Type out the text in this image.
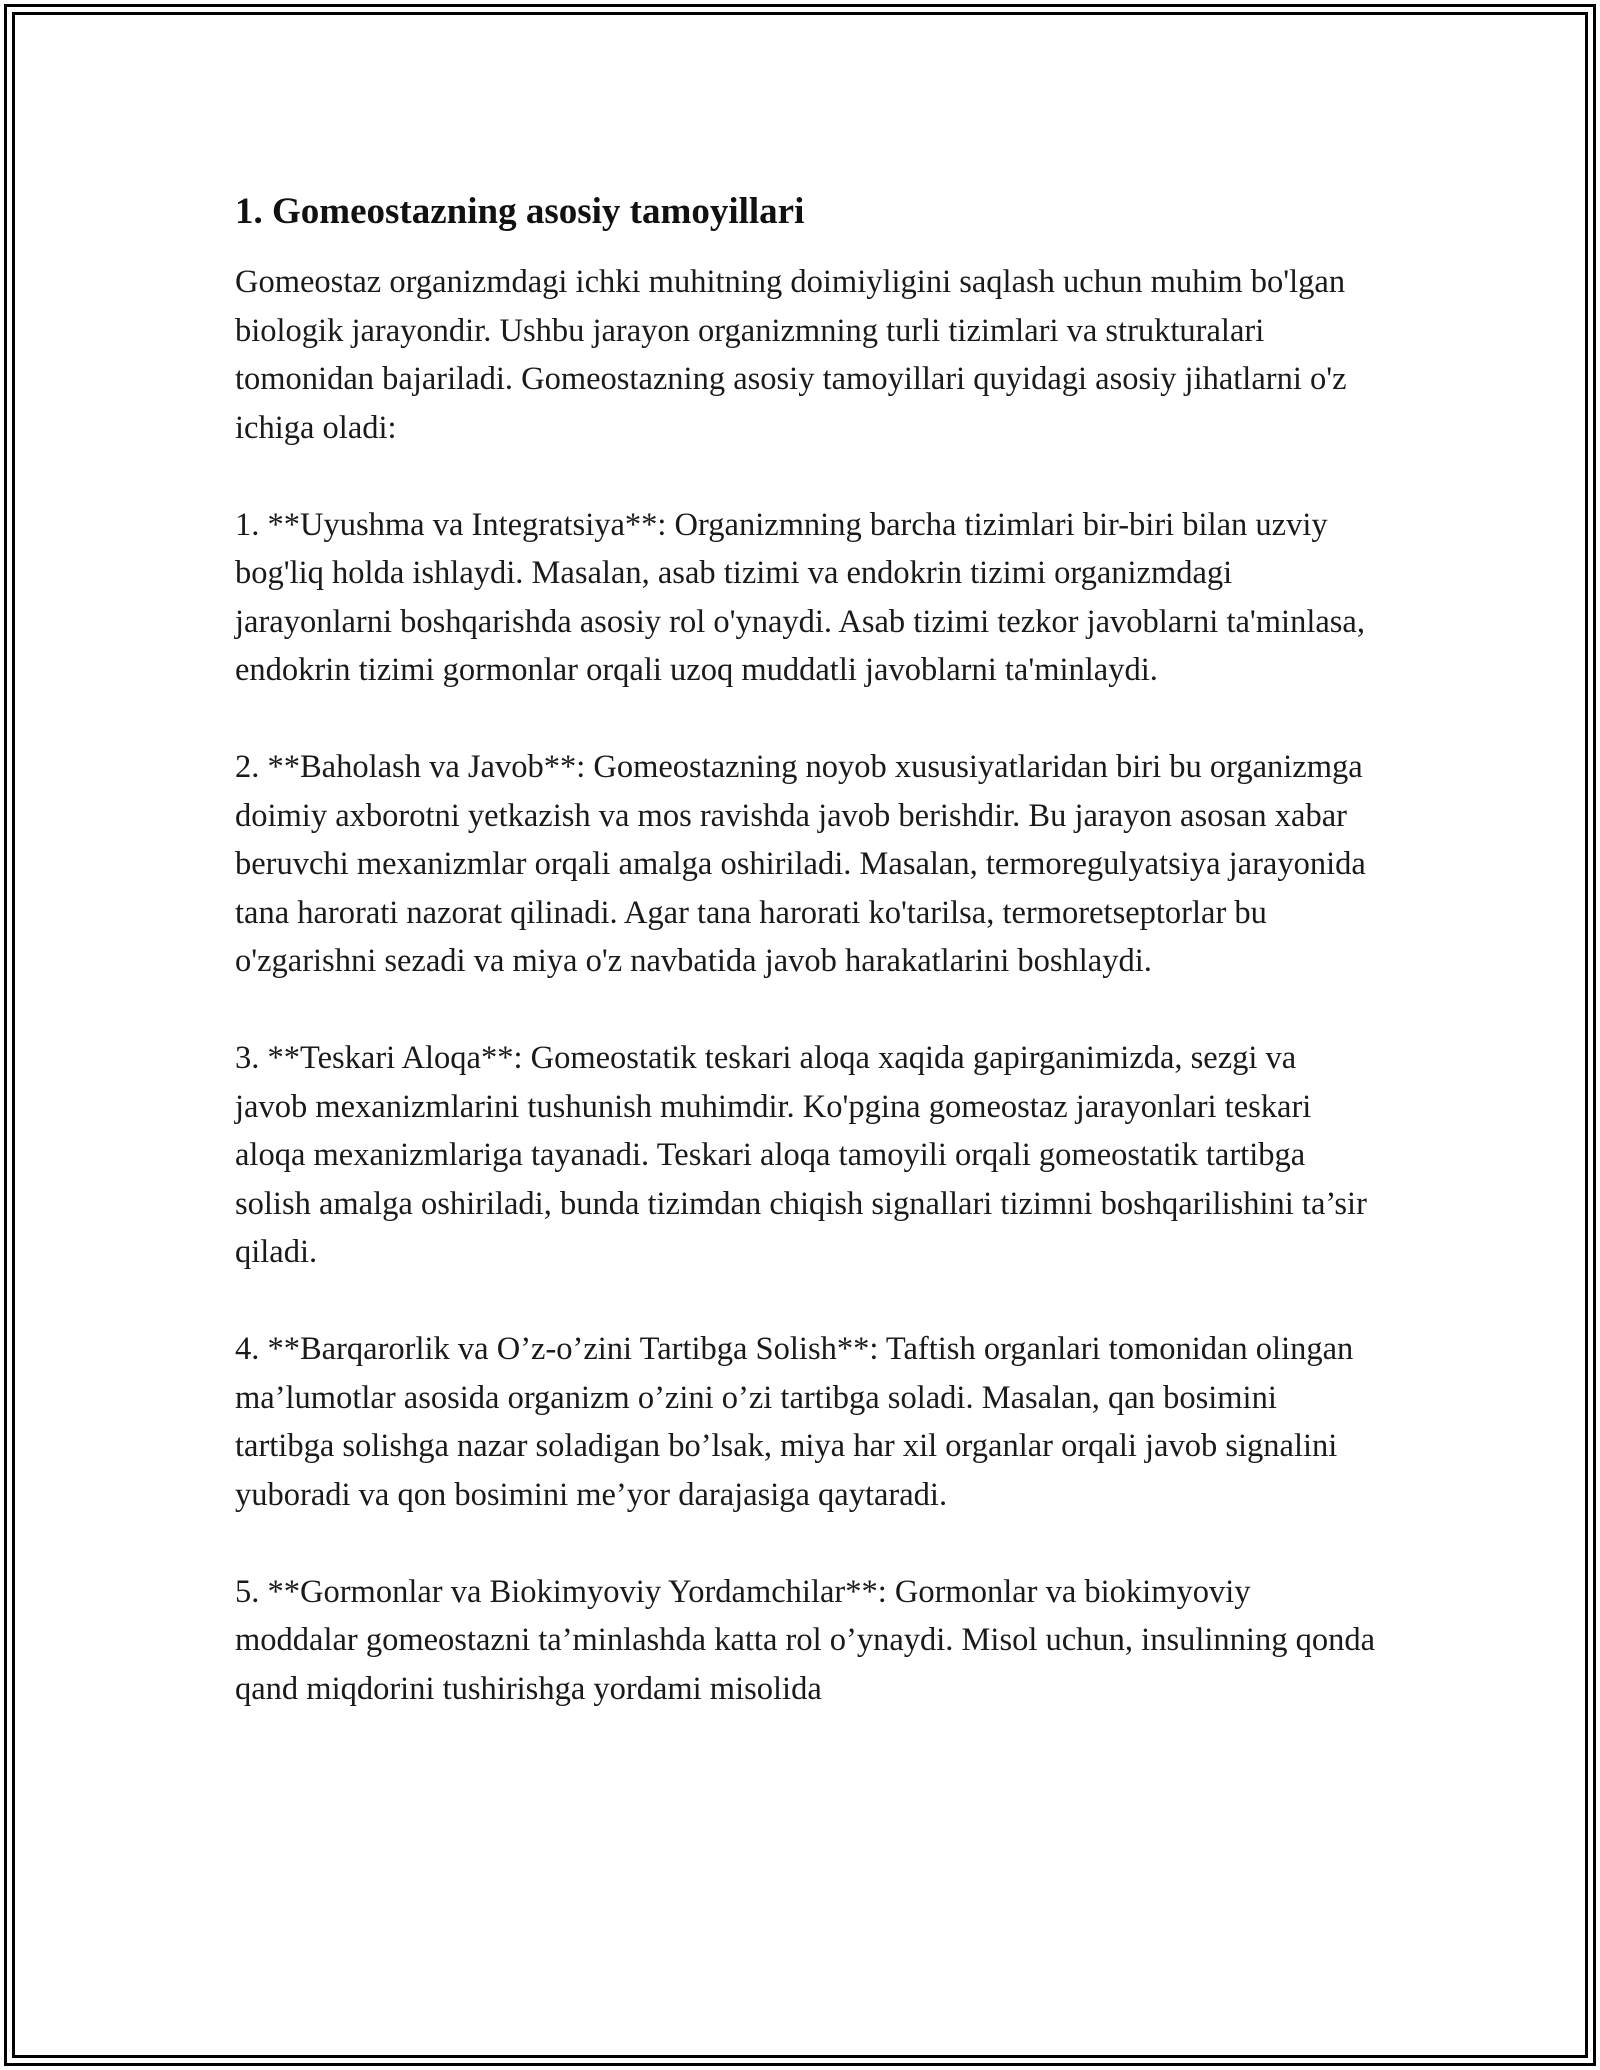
1. Gomeostazning asosiy tamoyillari

Gomeostaz organizmdagi ichki muhitning doimiyligini saqlash uchun muhim bo'lgan biologik jarayondir. Ushbu jarayon organizmning turli tizimlari va strukturalari tomonidan bajariladi. Gomeostazning asosiy tamoyillari quyidagi asosiy jihatlarni o'z ichiga oladi:

1. **Uyushma va Integratsiya**: Organizmning barcha tizimlari bir-biri bilan uzviy bog'liq holda ishlaydi. Masalan, asab tizimi va endokrin tizimi organizmdagi jarayonlarni boshqarishda asosiy rol o'ynaydi. Asab tizimi tezkor javoblarni ta'minlasa, endokrin tizimi gormonlar orqali uzoq muddatli javoblarni ta'minlaydi.

2. **Baholash va Javob**: Gomeostazning noyob xususiyatlaridan biri bu organizmga doimiy axborotni yetkazish va mos ravishda javob berishdir. Bu jarayon asosan xabar beruvchi mexanizmlar orqali amalga oshiriladi. Masalan, termoregulyatsiya jarayonida tana harorati nazorat qilinadi. Agar tana harorati ko'tarilsa, termoretseptorlar bu o'zgarishni sezadi va miya o'z navbatida javob harakatlarini boshlaydi.

3. **Teskari Aloqa**: Gomeostatik teskari aloqa xaqida gapirganimizda, sezgi va javob mexanizmlarini tushunish muhimdir. Ko'pgina gomeostaz jarayonlari teskari aloqa mexanizmlariga tayanadi. Teskari aloqa tamoyili orqali gomeostatik tartibga solish amalga oshiriladi, bunda tizimdan chiqish signallari tizimni boshqarilishini ta’sir qiladi.

4. **Barqarorlik va O’z-o’zini Tartibga Solish**: Taftish organlari tomonidan olingan ma’lumotlar asosida organizm o’zini o’zi tartibga soladi. Masalan, qan bosimini tartibga solishga nazar soladigan bo’lsak, miya har xil organlar orqali javob signalini yuboradi va qon bosimini me’yor darajasiga qaytaradi.

5. **Gormonlar va Biokimyoviy Yordamchilar**: Gormonlar va biokimyoviy moddalar gomeostazni ta’minlashda katta rol o’ynaydi. Misol uchun, insulinning qonda qand miqdorini tushirishga yordami misolida
